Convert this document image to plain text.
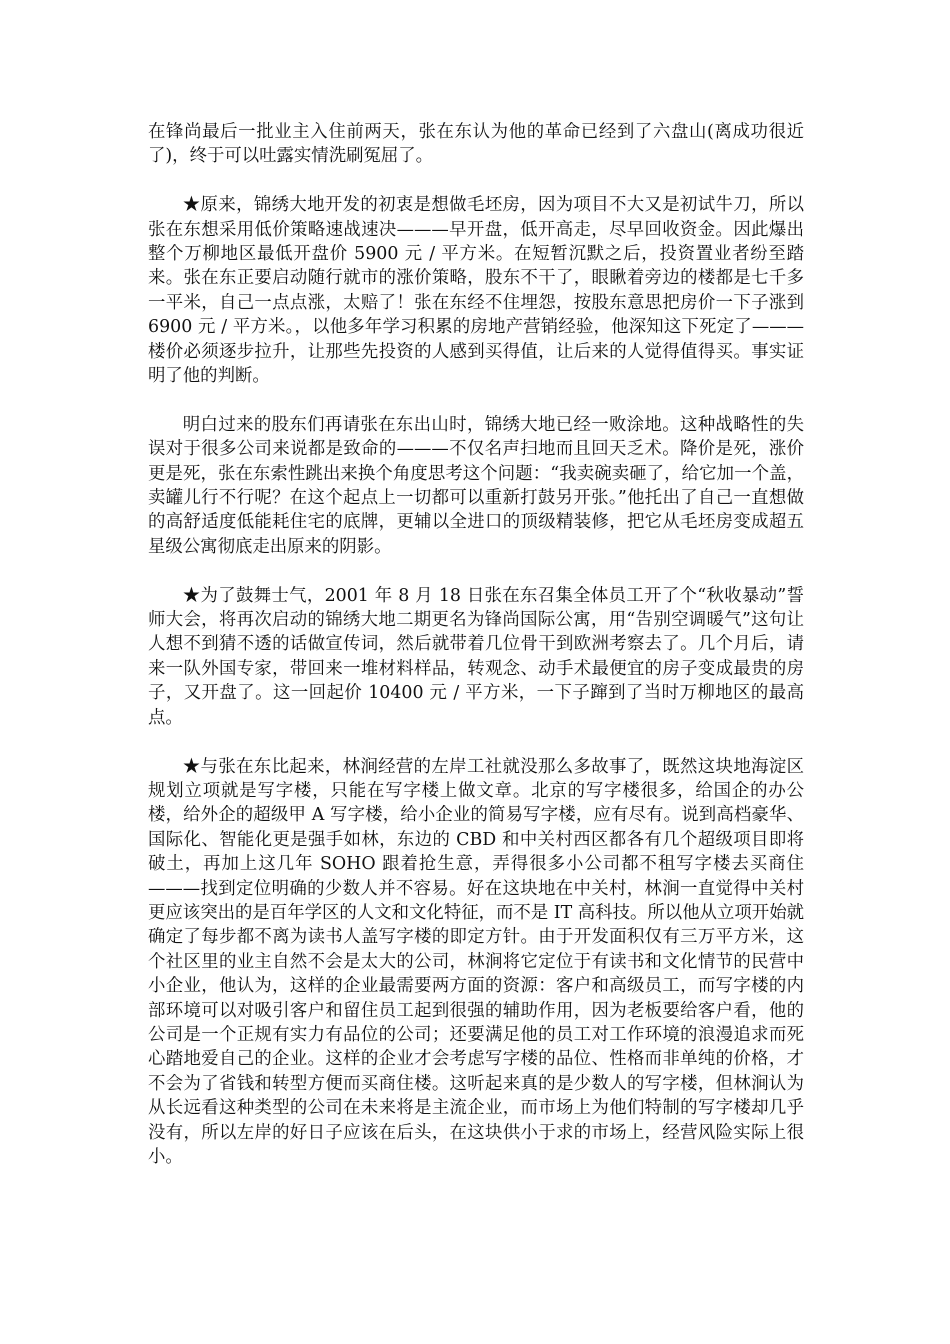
在锋尚最后一批业主入住前两天，张在东认为他的革命已经到了六盘山(离成功很近了)，终于可以吐露实情洗刷冤屈了。

★原来，锦绣大地开发的初衷是想做毛坯房，因为项目不大又是初试牛刀，所以张在东想采用低价策略速战速决———早开盘，低开高走，尽早回收资金。因此爆出整个万柳地区最低开盘价 5900 元 / 平方米。在短暂沉默之后，投资置业者纷至踏来。张在东正要启动随行就市的涨价策略，股东不干了，眼瞅着旁边的楼都是七千多一平米，自己一点点涨，太赔了！张在东经不住埋怨，按股东意思把房价一下子涨到 6900 元 / 平方米。，以他多年学习积累的房地产营销经验，他深知这下死定了———楼价必须逐步拉升，让那些先投资的人感到买得值，让后来的人觉得值得买。事实证明了他的判断。

明白过来的股东们再请张在东出山时，锦绣大地已经一败涂地。这种战略性的失误对于很多公司来说都是致命的———不仅名声扫地而且回天乏术。降价是死，涨价更是死，张在东索性跳出来换个角度思考这个问题：“我卖碗卖砸了，给它加一个盖，卖罐儿行不行呢？在这个起点上一切都可以重新打鼓另开张。”他托出了自己一直想做的高舒适度低能耗住宅的底牌，更辅以全进口的顶级精装修，把它从毛坯房变成超五星级公寓彻底走出原来的阴影。

★为了鼓舞士气，2001 年 8 月 18 日张在东召集全体员工开了个“秋收暴动”誓师大会，将再次启动的锦绣大地二期更名为锋尚国际公寓，用“告别空调暖气”这句让人想不到猜不透的话做宣传词，然后就带着几位骨干到欧洲考察去了。几个月后，请来一队外国专家，带回来一堆材料样品，转观念、动手术最便宜的房子变成最贵的房子，又开盘了。这一回起价 10400 元 / 平方米，一下子蹿到了当时万柳地区的最高点。

★与张在东比起来，林涧经营的左岸工社就没那么多故事了，既然这块地海淀区规划立项就是写字楼，只能在写字楼上做文章。北京的写字楼很多，给国企的办公楼，给外企的超级甲 A 写字楼，给小企业的简易写字楼，应有尽有。说到高档豪华、国际化、智能化更是强手如林，东边的 CBD 和中关村西区都各有几个超级项目即将破土，再加上这几年 SOHO 跟着抢生意，弄得很多小公司都不租写字楼去买商住———找到定位明确的少数人并不容易。好在这块地在中关村，林涧一直觉得中关村更应该突出的是百年学区的人文和文化特征，而不是 IT 高科技。所以他从立项开始就确定了每步都不离为读书人盖写字楼的即定方针。由于开发面积仅有三万平方米，这个社区里的业主自然不会是太大的公司，林涧将它定位于有读书和文化情节的民营中小企业，他认为，这样的企业最需要两方面的资源：客户和高级员工，而写字楼的内部环境可以对吸引客户和留住员工起到很强的辅助作用，因为老板要给客户看，他的公司是一个正规有实力有品位的公司；还要满足他的员工对工作环境的浪漫追求而死心踏地爱自己的企业。这样的企业才会考虑写字楼的品位、性格而非单纯的价格，才不会为了省钱和转型方便而买商住楼。这听起来真的是少数人的写字楼，但林涧认为从长远看这种类型的公司在未来将是主流企业，而市场上为他们特制的写字楼却几乎没有，所以左岸的好日子应该在后头，在这块供小于求的市场上，经营风险实际上很小。
